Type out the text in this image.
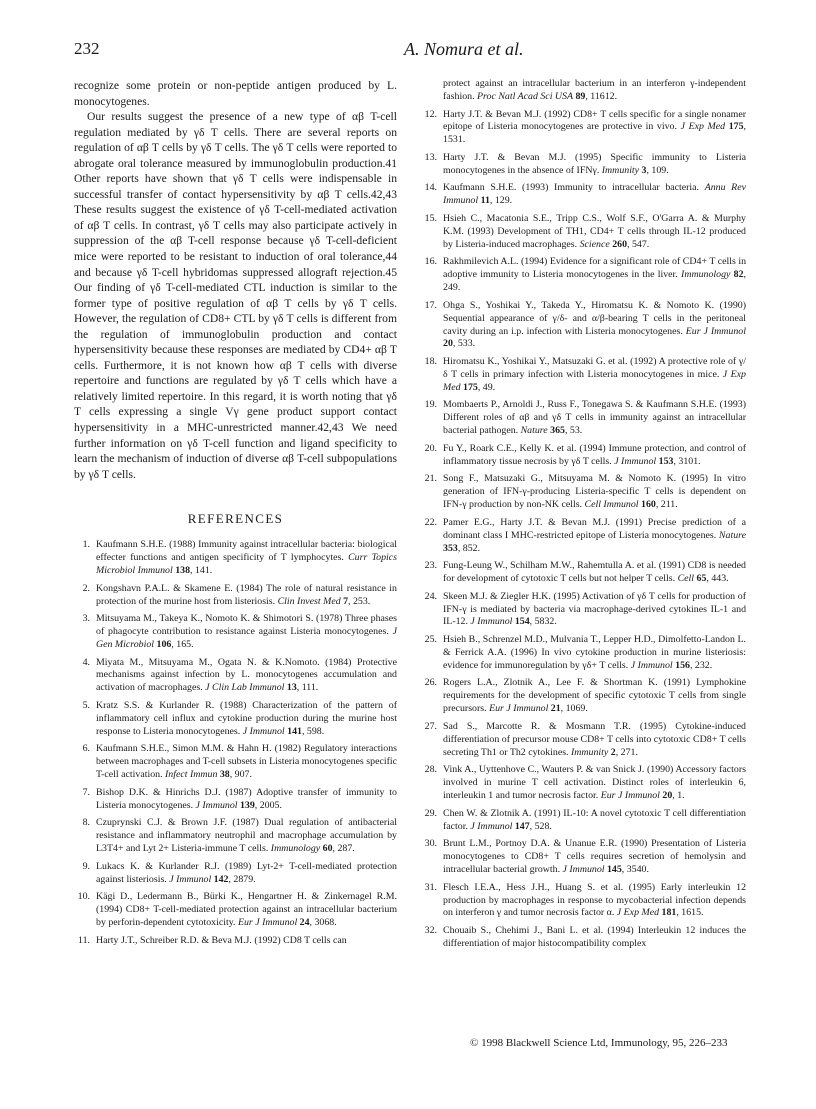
232	A. Nomura et al.

recognize some protein or non-peptide antigen produced by L. monocytogenes.

Our results suggest the presence of a new type of αβ T-cell regulation mediated by γδ T cells. There are several reports on regulation of αβ T cells by γδ T cells. The γδ T cells were reported to abrogate oral tolerance measured by immunoglobulin production.41 Other reports have shown that γδ T cells were indispensable in successful transfer of contact hypersensitivity by αβ T cells.42,43 These results suggest the existence of γδ T-cell-mediated activation of αβ T cells. In contrast, γδ T cells may also participate actively in suppression of the αβ T-cell response because γδ T-cell-deficient mice were reported to be resistant to induction of oral tolerance,44 and because γδ T-cell hybridomas suppressed allograft rejection.45 Our finding of γδ T-cell-mediated CTL induction is similar to the former type of positive regulation of αβ T cells by γδ T cells. However, the regulation of CD8+ CTL by γδ T cells is different from the regulation of immunoglobulin production and contact hypersensitivity because these responses are mediated by CD4+ αβ T cells. Furthermore, it is not known how αβ T cells with diverse repertoire and functions are regulated by γδ T cells which have a relatively limited repertoire. In this regard, it is worth noting that γδ T cells expressing a single Vγ gene product support contact hypersensitivity in a MHC-unrestricted manner.42,43 We need further information on γδ T-cell function and ligand specificity to learn the mechanism of induction of diverse αβ T-cell subpopulations by γδ T cells.

REFERENCES
1. Kaufmann S.H.E. (1988) Immunity against intracellular bacteria: biological effecter functions and antigen specificity of T lymphocytes. Curr Topics Microbiol Immunol 138, 141.
2. Kongshavn P.A.L. & Skamene E. (1984) The role of natural resistance in protection of the murine host from listeriosis. Clin Invest Med 7, 253.
3. Mitsuyama M., Takeya K., Nomoto K. & Shimotori S. (1978) Three phases of phagocyte contribution to resistance against Listeria monocytogenes. J Gen Microbiol 106, 165.
4. Miyata M., Mitsuyama M., Ogata N. & K.Nomoto. (1984) Protective mechanisms against infection by L. monocytogenes accumulation and activation of macrophages. J Clin Lab Immunol 13, 111.
5. Kratz S.S. & Kurlander R. (1988) Characterization of the pattern of inflammatory cell influx and cytokine production during the murine host response to Listeria monocytogenes. J Immunol 141, 598.
6. Kaufmann S.H.E., Simon M.M. & Hahn H. (1982) Regulatory interactions between macrophages and T-cell subsets in Listeria monocytogenes specific T-cell activation. Infect Immun 38, 907.
7. Bishop D.K. & Hinrichs D.J. (1987) Adoptive transfer of immunity to Listeria monocytogenes. J Immunol 139, 2005.
8. Czuprynski C.J. & Brown J.F. (1987) Dual regulation of antibacterial resistance and inflammatory neutrophil and macrophage accumulation by L3T4+ and Lyt 2+ Listeria-immune T cells. Immunology 60, 287.
9. Lukacs K. & Kurlander R.J. (1989) Lyt-2+ T-cell-mediated protection against listeriosis. J Immunol 142, 2879.
10. Kägi D., Ledermann B., Bürki K., Hengartner H. & Zinkernagel R.M. (1994) CD8+ T-cell-mediated protection against an intracellular bacterium by perforin-dependent cytotoxicity. Eur J Immunol 24, 3068.
11. Harty J.T., Schreiber R.D. & Beva M.J. (1992) CD8 T cells can
protect against an intracellular bacterium in an interferon γ-independent fashion. Proc Natl Acad Sci USA 89, 11612.
12. Harty J.T. & Bevan M.J. (1992) CD8+ T cells specific for a single nonamer epitope of Listeria monocytogenes are protective in vivo. J Exp Med 175, 1531.
13. Harty J.T. & Bevan M.J. (1995) Specific immunity to Listeria monocytogenes in the absence of IFNγ. Immunity 3, 109.
14. Kaufmann S.H.E. (1993) Immunity to intracellular bacteria. Annu Rev Immunol 11, 129.
15. Hsieh C., Macatonia S.E., Tripp C.S., Wolf S.F., O'Garra A. & Murphy K.M. (1993) Development of TH1, CD4+ T cells through IL-12 produced by Listeria-induced macrophages. Science 260, 547.
16. Rakhmilevich A.L. (1994) Evidence for a significant role of CD4+ T cells in adoptive immunity to Listeria monocytogenes in the liver. Immunology 82, 249.
17. Ohga S., Yoshikai Y., Takeda Y., Hiromatsu K. & Nomoto K. (1990) Sequential appearance of γ/δ- and α/β-bearing T cells in the peritoneal cavity during an i.p. infection with Listeria monocytogenes. Eur J Immunol 20, 533.
18. Hiromatsu K., Yoshikai Y., Matsuzaki G. et al. (1992) A protective role of γ/δ T cells in primary infection with Listeria monocytogenes in mice. J Exp Med 175, 49.
19. Mombaerts P., Arnoldi J., Russ F., Tonegawa S. & Kaufmann S.H.E. (1993) Different roles of αβ and γδ T cells in immunity against an intracellular bacterial pathogen. Nature 365, 53.
20. Fu Y., Roark C.E., Kelly K. et al. (1994) Immune protection, and control of inflammatory tissue necrosis by γδ T cells. J Immunol 153, 3101.
21. Song F., Matsuzaki G., Mitsuyama M. & Nomoto K. (1995) In vitro generation of IFN-γ-producing Listeria-specific T cells is dependent on IFN-γ production by non-NK cells. Cell Immunol 160, 211.
22. Pamer E.G., Harty J.T. & Bevan M.J. (1991) Precise prediction of a dominant class I MHC-restricted epitope of Listeria monocytogenes. Nature 353, 852.
23. Fung-Leung W., Schilham M.W., Rahemtulla A. et al. (1991) CD8 is needed for development of cytotoxic T cells but not helper T cells. Cell 65, 443.
24. Skeen M.J. & Ziegler H.K. (1995) Activation of γδ T cells for production of IFN-γ is mediated by bacteria via macrophage-derived cytokines IL-1 and IL-12. J Immunol 154, 5832.
25. Hsieh B., Schrenzel M.D., Mulvania T., Lepper H.D., Dimolfetto-Landon L. & Ferrick A.A. (1996) In vivo cytokine production in murine listeriosis: evidence for immunoregulation by γδ+ T cells. J Immunol 156, 232.
26. Rogers L.A., Zlotnik A., Lee F. & Shortman K. (1991) Lymphokine requirements for the development of specific cytotoxic T cells from single precursors. Eur J Immunol 21, 1069.
27. Sad S., Marcotte R. & Mosmann T.R. (1995) Cytokine-induced differentiation of precursor mouse CD8+ T cells into cytotoxic CD8+ T cells secreting Th1 or Th2 cytokines. Immunity 2, 271.
28. Vink A., Uyttenhove C., Wauters P. & van Snick J. (1990) Accessory factors involved in murine T cell activation. Distinct roles of interleukin 6, interleukin 1 and tumor necrosis factor. Eur J Immunol 20, 1.
29. Chen W. & Zlotnik A. (1991) IL-10: A novel cytotoxic T cell differentiation factor. J Immunol 147, 528.
30. Brunt L.M., Portnoy D.A. & Unanue E.R. (1990) Presentation of Listeria monocytogenes to CD8+ T cells requires secretion of hemolysin and intracellular bacterial growth. J Immunol 145, 3540.
31. Flesch I.E.A., Hess J.H., Huang S. et al. (1995) Early interleukin 12 production by macrophages in response to mycobacterial infection depends on interferon γ and tumor necrosis factor α. J Exp Med 181, 1615.
32. Chouaib S., Chehimi J., Bani L. et al. (1994) Interleukin 12 induces the differentiation of major histocompatibility complex
© 1998 Blackwell Science Ltd, Immunology, 95, 226–233
